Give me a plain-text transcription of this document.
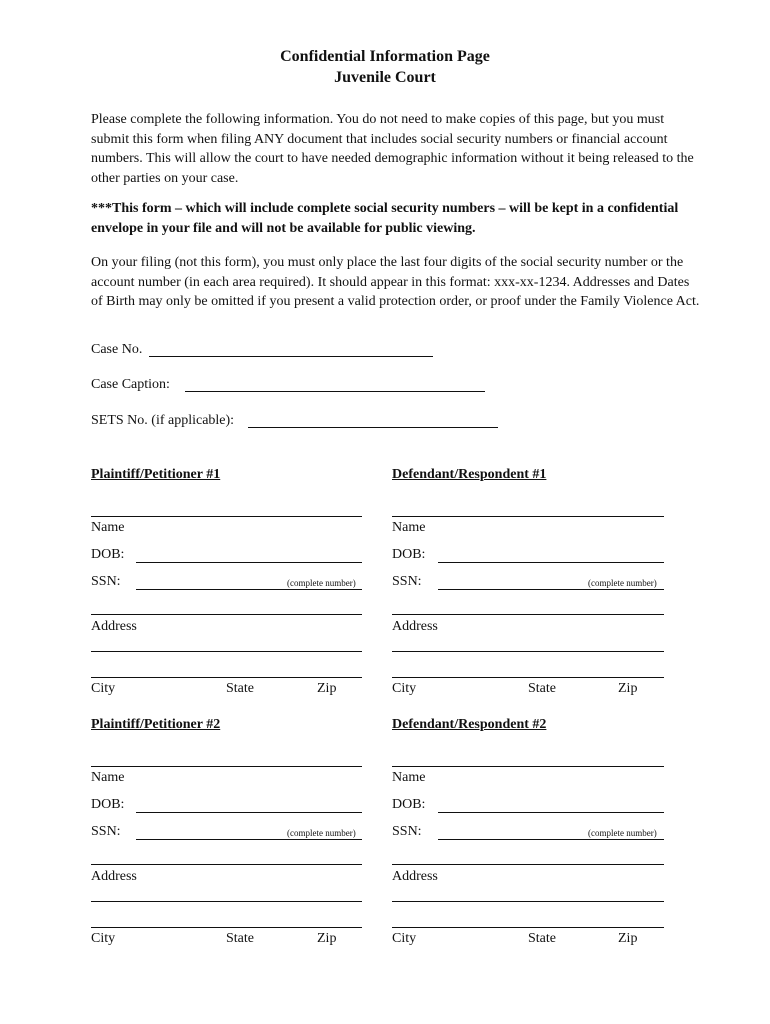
Confidential Information Page
Juvenile Court
Please complete the following information. You do not need to make copies of this page, but you must submit this form when filing ANY document that includes social security numbers or financial account numbers. This will allow the court to have needed demographic information without it being released to the other parties on your case.
***This form – which will include complete social security numbers – will be kept in a confidential envelope in your file and will not be available for public viewing.
On your filing (not this form), you must only place the last four digits of the social security number or the account number (in each area required). It should appear in this format: xxx-xx-1234. Addresses and Dates of Birth may only be omitted if you present a valid protection order, or proof under the Family Violence Act.
Case No.
Case Caption:
SETS No. (if applicable):
Plaintiff/Petitioner #1
Name
DOB:
SSN:	(complete number)
Address
City	State	Zip
Defendant/Respondent #1
Name
DOB:
SSN:	(complete number)
Address
City	State	Zip
Plaintiff/Petitioner #2
Name
DOB:
SSN:	(complete number)
Address
City	State	Zip
Defendant/Respondent #2
Name
DOB:
SSN:	(complete number)
Address
City	State	Zip
